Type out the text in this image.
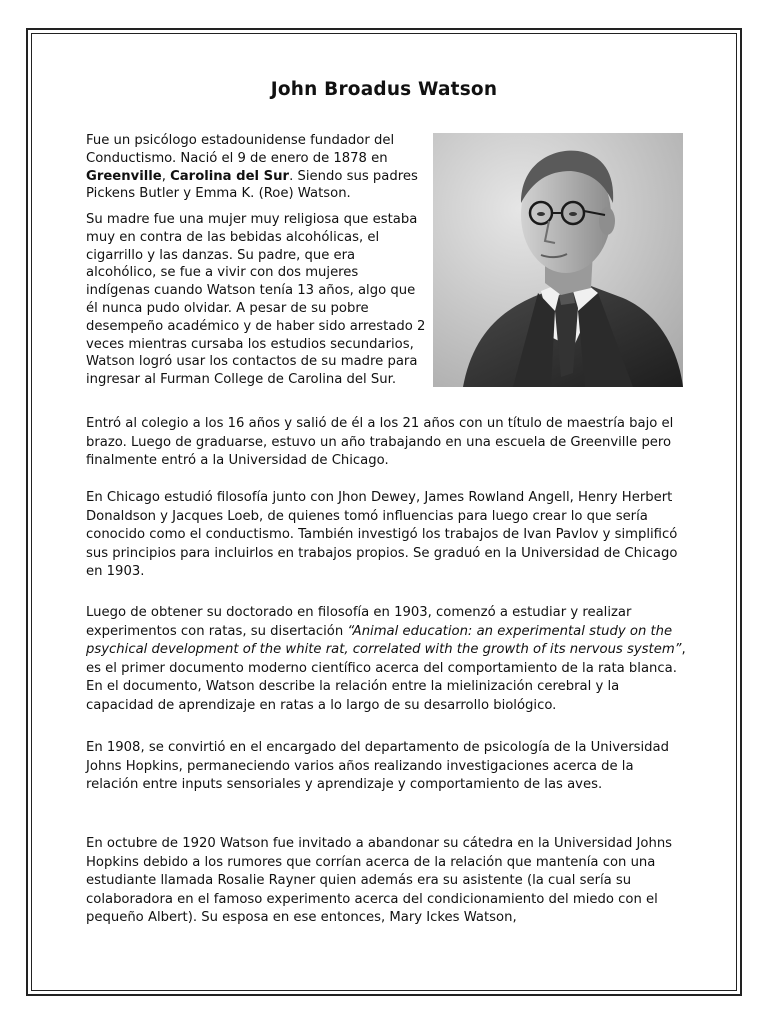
John Broadus Watson

Fue un psicólogo estadounidense fundador del Conductismo. Nació el 9 de enero de 1878 en Greenville, Carolina del Sur. Siendo sus padres Pickens Butler y Emma K. (Roe) Watson.

Su madre fue una mujer muy religiosa que estaba muy en contra de las bebidas alcohólicas, el cigarrillo y las danzas. Su padre, que era alcohólico, se fue a vivir con dos mujeres indígenas cuando Watson tenía 13 años, algo que él nunca pudo olvidar. A pesar de su pobre desempeño académico y de haber sido arrestado 2 veces mientras cursaba los estudios secundarios, Watson logró usar los contactos de su madre para ingresar al Furman College de Carolina del Sur.

Entró al colegio a los 16 años y salió de él a los 21 años con un título de maestría bajo el brazo. Luego de graduarse, estuvo un año trabajando en una escuela de Greenville pero finalmente entró a la Universidad de Chicago.

En Chicago estudió filosofía junto con Jhon Dewey, James Rowland Angell, Henry Herbert Donaldson y Jacques Loeb, de quienes tomó influencias para luego crear lo que sería conocido como el conductismo. También investigó los trabajos de Ivan Pavlov y simplificó sus principios para incluirlos en trabajos propios. Se graduó en la Universidad de Chicago en 1903.

Luego de obtener su doctorado en filosofía en 1903, comenzó a estudiar y realizar experimentos con ratas, su disertación “Animal education: an experimental study on the psychical development of the white rat, correlated with the growth of its nervous system”, es el primer documento moderno científico acerca del comportamiento de la rata blanca. En el documento, Watson describe la relación entre la mielinización cerebral y la capacidad de aprendizaje en ratas a lo largo de su desarrollo biológico.

En 1908, se convirtió en el encargado del departamento de psicología de la Universidad Johns Hopkins, permaneciendo varios años realizando investigaciones acerca de la relación entre inputs sensoriales y aprendizaje y comportamiento de las aves.

En octubre de 1920 Watson fue invitado a abandonar su cátedra en la Universidad Johns Hopkins debido a los rumores que corrían acerca de la relación que mantenía con una estudiante llamada Rosalie Rayner quien además era su asistente (la cual sería su colaboradora en el famoso experimento acerca del condicionamiento del miedo con el pequeño Albert). Su esposa en ese entonces, Mary Ickes Watson,
